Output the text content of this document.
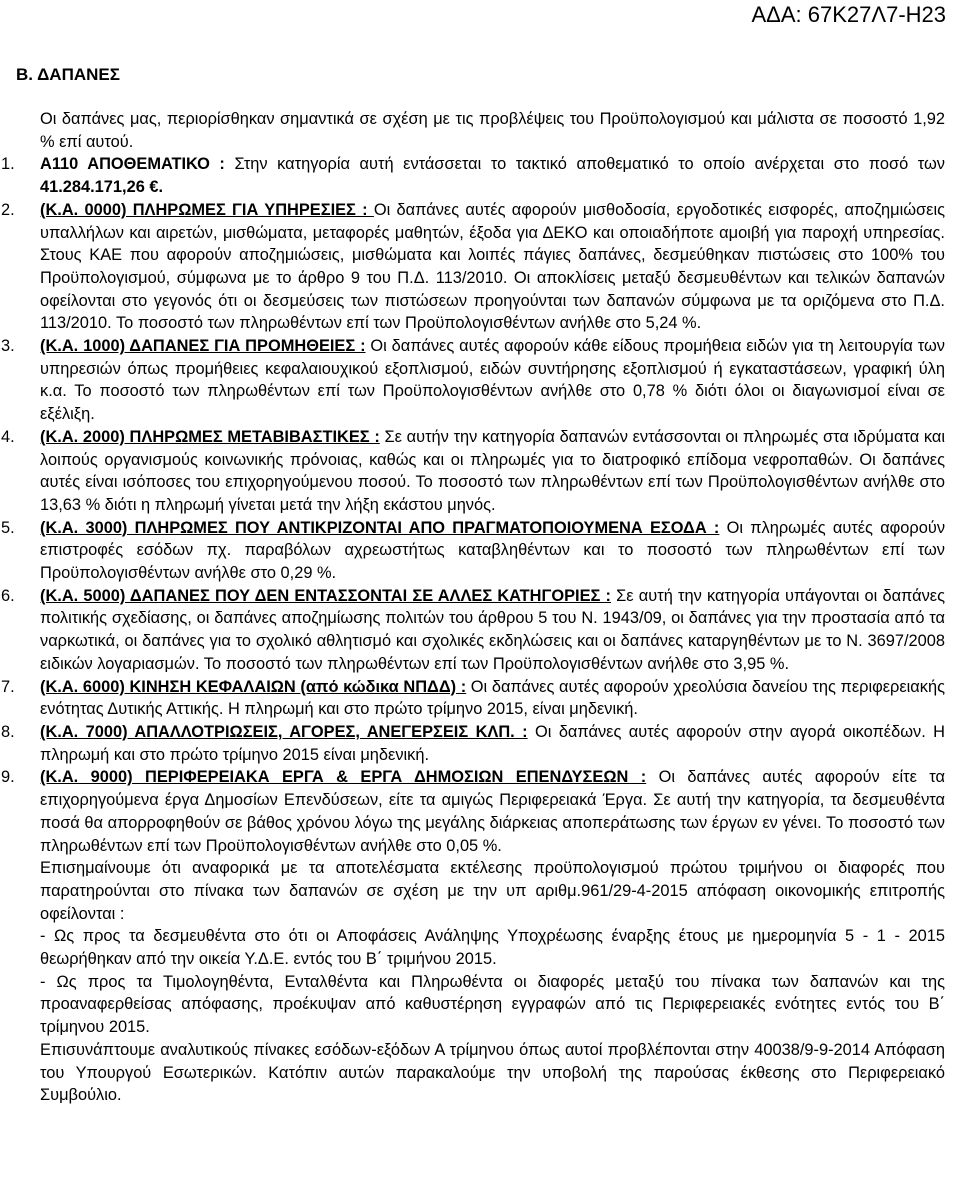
ΑΔΑ: 67Κ27Λ7-Η23
Β. ΔΑΠΑΝΕΣ

Οι δαπάνες μας, περιορίσθηκαν σημαντικά σε σχέση με τις προβλέψεις του Προϋπολογισμού και μάλιστα σε ποσοστό 1,92 % επί αυτού.

1. Α110 ΑΠΟΘΕΜΑΤΙΚΟ : Στην κατηγορία αυτή εντάσσεται το τακτικό αποθεματικό το οποίο ανέρχεται στο ποσό των 41.284.171,26 €.

2. (Κ.Α. 0000) ΠΛΗΡΩΜΕΣ ΓΙΑ ΥΠΗΡΕΣΙΕΣ : Οι δαπάνες αυτές αφορούν μισθοδοσία, εργοδοτικές εισφορές, αποζημιώσεις υπαλλήλων και αιρετών, μισθώματα, μεταφορές μαθητών, έξοδα για ΔΕΚΟ και οποιαδήποτε αμοιβή για παροχή υπηρεσίας. Στους ΚΑΕ που αφορούν αποζημιώσεις, μισθώματα και λοιπές πάγιες δαπάνες, δεσμεύθηκαν πιστώσεις στο 100% του Προϋπολογισμού, σύμφωνα με το άρθρο 9 του Π.Δ. 113/2010. Οι αποκλίσεις μεταξύ δεσμευθέντων και τελικών δαπανών οφείλονται στο γεγονός ότι οι δεσμεύσεις των πιστώσεων προηγούνται των δαπανών σύμφωνα με τα οριζόμενα στο Π.Δ. 113/2010. Το ποσοστό των πληρωθέντων επί των Προϋπολογισθέντων ανήλθε στο 5,24 %.

3. (Κ.Α. 1000) ΔΑΠΑΝΕΣ ΓΙΑ ΠΡΟΜΗΘΕΙΕΣ : Οι δαπάνες αυτές αφορούν κάθε είδους προμήθεια ειδών για τη λειτουργία των υπηρεσιών όπως προμήθειες κεφαλαιουχικού εξοπλισμού, ειδών συντήρησης εξοπλισμού ή εγκαταστάσεων, γραφική ύλη κ.α. Το ποσοστό των πληρωθέντων επί των Προϋπολογισθέντων ανήλθε στο 0,78 % διότι όλοι οι διαγωνισμοί είναι σε εξέλιξη.

4. (Κ.Α. 2000) ΠΛΗΡΩΜΕΣ ΜΕΤΑΒΙΒΑΣΤΙΚΕΣ : Σε αυτήν την κατηγορία δαπανών εντάσσονται οι πληρωμές στα ιδρύματα και λοιπούς οργανισμούς κοινωνικής πρόνοιας, καθώς και οι πληρωμές για το διατροφικό επίδομα νεφροπαθών. Οι δαπάνες αυτές είναι ισόποσες του επιχορηγούμενου ποσού. Το ποσοστό των πληρωθέντων επί των Προϋπολογισθέντων ανήλθε στο 13,63 % διότι η πληρωμή γίνεται μετά την λήξη εκάστου μηνός.

5. (Κ.Α. 3000) ΠΛΗΡΩΜΕΣ ΠΟΥ ΑΝΤΙΚΡΙΖΟΝΤΑΙ ΑΠΟ ΠΡΑΓΜΑΤΟΠΟΙΟΥΜΕΝΑ ΕΣΟΔΑ : Οι πληρωμές αυτές αφορούν επιστροφές εσόδων πχ. παραβόλων αχρεωστήτως καταβληθέντων και το ποσοστό των πληρωθέντων επί των Προϋπολογισθέντων ανήλθε στο 0,29 %.

6. (Κ.Α. 5000) ΔΑΠΑΝΕΣ ΠΟΥ ΔΕΝ ΕΝΤΑΣΣΟΝΤΑΙ ΣΕ ΑΛΛΕΣ ΚΑΤΗΓΟΡΙΕΣ : Σε αυτή την κατηγορία υπάγονται οι δαπάνες πολιτικής σχεδίασης, οι δαπάνες αποζημίωσης πολιτών του άρθρου 5 του Ν. 1943/09, οι δαπάνες για την προστασία από τα ναρκωτικά, οι δαπάνες για το σχολικό αθλητισμό και σχολικές εκδηλώσεις και οι δαπάνες καταργηθέντων με το Ν. 3697/2008 ειδικών λογαριασμών. Το ποσοστό των πληρωθέντων επί των Προϋπολογισθέντων ανήλθε στο 3,95 %.

7. (Κ.Α. 6000) ΚΙΝΗΣΗ ΚΕΦΑΛΑΙΩΝ (από κώδικα ΝΠΔΔ) : Οι δαπάνες αυτές αφορούν χρεολύσια δανείου της περιφερειακής ενότητας Δυτικής Αττικής. Η πληρωμή και στο πρώτο τρίμηνο 2015, είναι μηδενική.

8. (Κ.Α. 7000) ΑΠΑΛΛΟΤΡΙΩΣΕΙΣ, ΑΓΟΡΕΣ, ΑΝΕΓΕΡΣΕΙΣ ΚΛΠ. : Οι δαπάνες αυτές αφορούν στην αγορά οικοπέδων. Η πληρωμή και στο πρώτο τρίμηνο 2015 είναι μηδενική.

9. (Κ.Α. 9000) ΠΕΡΙΦΕΡΕΙΑΚΑ ΕΡΓΑ & ΕΡΓΑ ΔΗΜΟΣΙΩΝ ΕΠΕΝΔΥΣΕΩΝ : Οι δαπάνες αυτές αφορούν είτε τα επιχορηγούμενα έργα Δημοσίων Επενδύσεων, είτε τα αμιγώς Περιφερειακά Έργα. Σε αυτή την κατηγορία, τα δεσμευθέντα ποσά θα απορροφηθούν σε βάθος χρόνου λόγω της μεγάλης διάρκειας αποπεράτωσης των έργων εν γένει. Το ποσοστό των πληρωθέντων επί των Προϋπολογισθέντων ανήλθε στο 0,05 %.

Επισημαίνουμε ότι αναφορικά με τα αποτελέσματα εκτέλεσης προϋπολογισμού πρώτου τριμήνου οι διαφορές που παρατηρούνται στο πίνακα των δαπανών σε σχέση με την υπ αριθμ.961/29-4-2015 απόφαση οικονομικής επιτροπής οφείλονται :

- Ως προς τα δεσμευθέντα στο ότι οι Αποφάσεις Ανάληψης Υποχρέωσης έναρξης έτους με ημερομηνία 5 - 1 - 2015 θεωρήθηκαν από την οικεία Υ.Δ.Ε. εντός του Β΄ τριμήνου 2015.

- Ως προς τα Τιμολογηθέντα, Ενταλθέντα και Πληρωθέντα οι διαφορές μεταξύ του πίνακα των δαπανών και της προαναφερθείσας απόφασης, προέκυψαν από καθυστέρηση εγγραφών από τις Περιφερειακές ενότητες εντός του Β΄ τρίμηνου 2015.

Επισυνάπτουμε αναλυτικούς πίνακες εσόδων-εξόδων Α τρίμηνου όπως αυτοί προβλέπονται στην 40038/9-9-2014 Απόφαση του Υπουργού Εσωτερικών. Κατόπιν αυτών παρακαλούμε την υποβολή της παρούσας έκθεσης στο Περιφερειακό Συμβούλιο.
